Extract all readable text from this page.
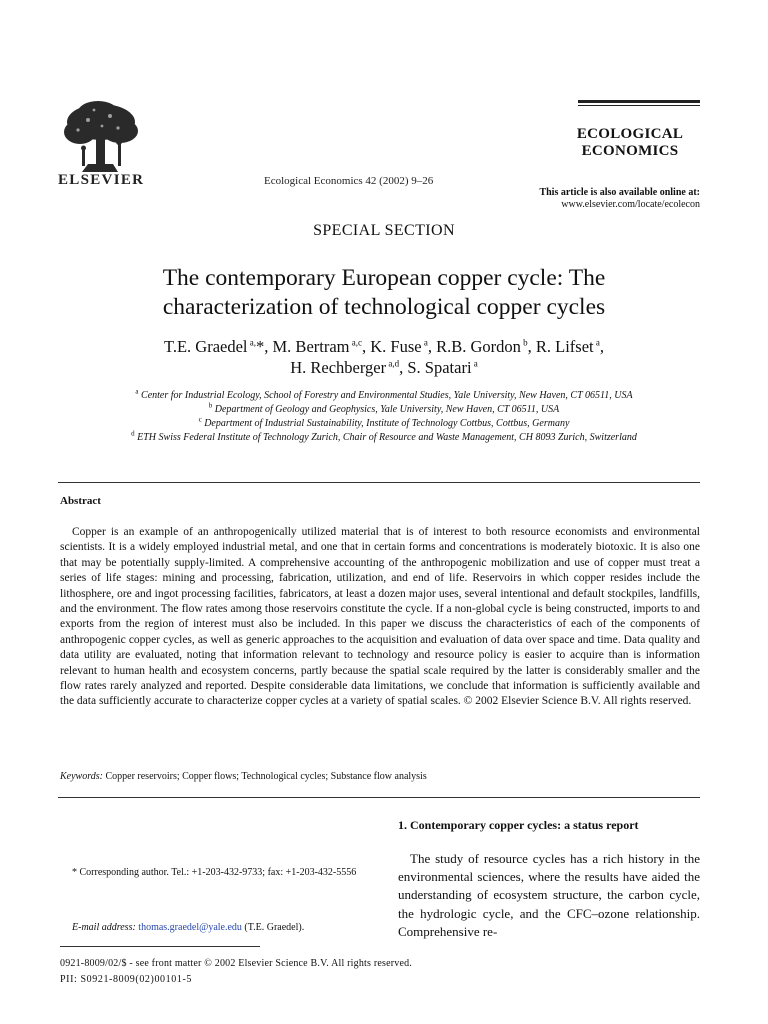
ELSEVIER	Ecological Economics 42 (2002) 9–26
ECOLOGICAL
ECONOMICS
This article is also available online at:
www.elsevier.com/locate/ecolecon
SPECIAL SECTION
The contemporary European copper cycle: The
characterization of technological copper cycles
T.E. Graedel $^{a,}$*, M. Bertram $^{a,c}$, K. Fuse $^a$, R.B. Gordon $^b$, R. Lifset $^a$,
H. Rechberger $^{a,d}$, S. Spatari $^a$
$^a$ Center for Industrial Ecology, School of Forestry and Environmental Studies, Yale University, New Haven, CT 06511, USA
$^b$ Department of Geology and Geophysics, Yale University, New Haven, CT 06511, USA
$^c$ Department of Industrial Sustainability, Institute of Technology Cottbus, Cottbus, Germany
$^d$ ETH Swiss Federal Institute of Technology Zurich, Chair of Resource and Waste Management, CH 8093 Zurich, Switzerland
Abstract
Copper is an example of an anthropogenically utilized material that is of interest to both resource economists and environmental scientists. It is a widely employed industrial metal, and one that in certain forms and concentrations is moderately biotoxic. It is also one that may be potentially supply-limited. A comprehensive accounting of the anthropogenic mobilization and use of copper must treat a series of life stages: mining and processing, fabrication, utilization, and end of life. Reservoirs in which copper resides include the lithosphere, ore and ingot processing facilities, fabricators, at least a dozen major uses, several intentional and default stockpiles, landfills, and the environment. The flow rates among those reservoirs constitute the cycle. If a non-global cycle is being constructed, imports to and exports from the region of interest must also be included. In this paper we discuss the characteristics of each of the components of anthropogenic copper cycles, as well as generic approaches to the acquisition and evaluation of data over space and time. Data quality and data utility are evaluated, noting that information relevant to technology and resource policy is easier to acquire than is information relevant to human health and ecosystem concerns, partly because the spatial scale required by the latter is considerably smaller and the flow rates rarely analyzed and reported. Despite considerable data limitations, we conclude that information is sufficiently available and the data sufficiently accurate to characterize copper cycles at a variety of spatial scales. © 2002 Elsevier Science B.V. All rights reserved.
Keywords: Copper reservoirs; Copper flows; Technological cycles; Substance flow analysis
1. Contemporary copper cycles: a status report
The study of resource cycles has a rich history in the environmental sciences, where the results have aided the understanding of ecosystem structure, the carbon cycle, the hydrologic cycle, and the CFC–ozone relationship. Comprehensive re-
* Corresponding author. Tel.: +1-203-432-9733; fax: +1-203-432-5556
E-mail address: thomas.graedel@yale.edu (T.E. Graedel).
0921-8009/02/$ - see front matter © 2002 Elsevier Science B.V. All rights reserved.
PII: S0921-8009(02)00101-5
